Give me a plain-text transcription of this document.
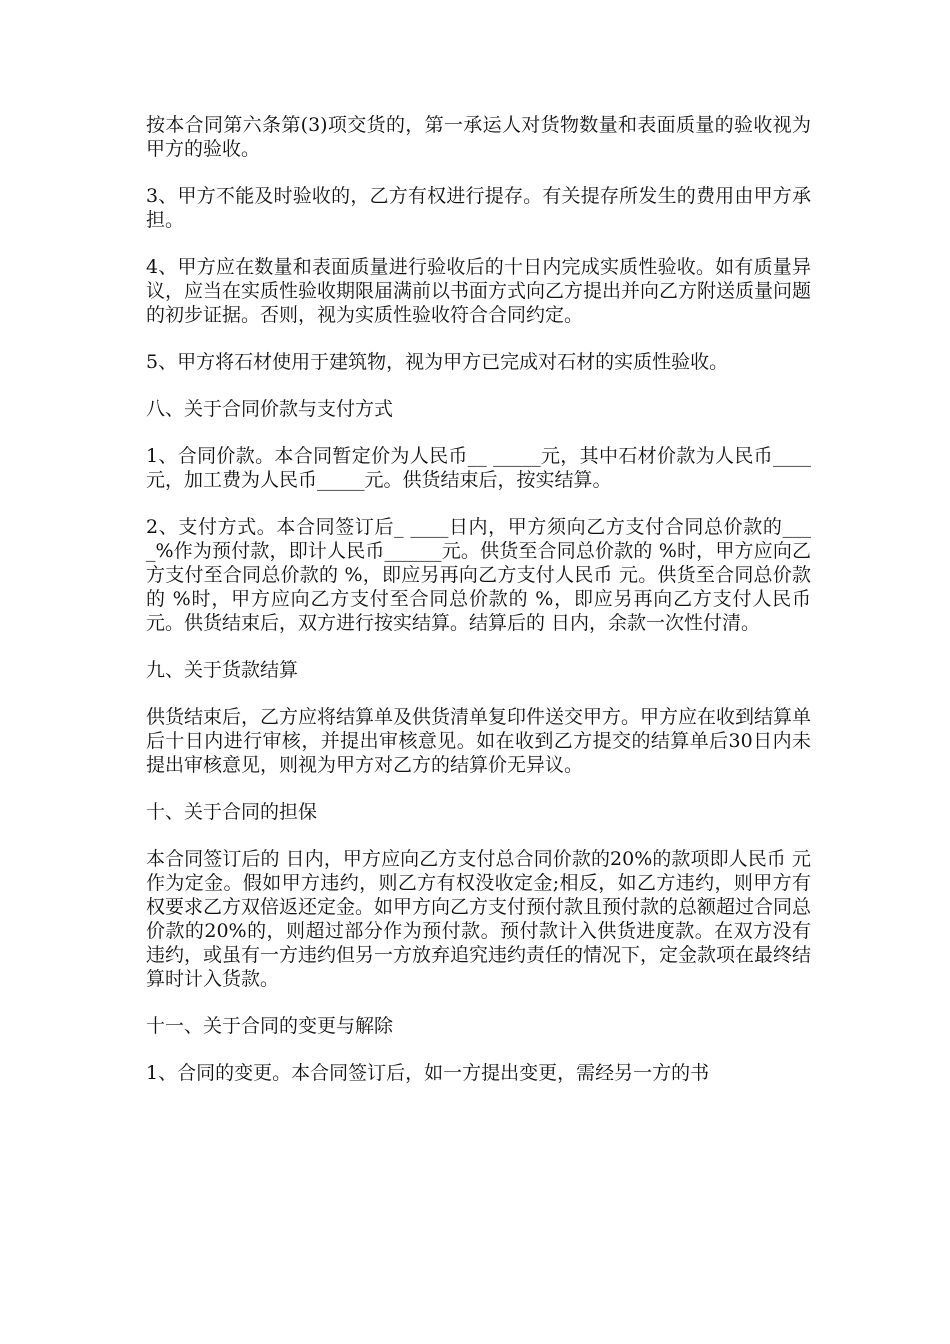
按本合同第六条第(3)项交货的，第一承运人对货物数量和表面质量的验收视为甲方的验收。

3、甲方不能及时验收的，乙方有权进行提存。有关提存所发生的费用由甲方承担。

4、甲方应在数量和表面质量进行验收后的十日内完成实质性验收。如有质量异议，应当在实质性验收期限届满前以书面方式向乙方提出并向乙方附送质量问题的初步证据。否则，视为实质性验收符合合同约定。

5、甲方将石材使用于建筑物，视为甲方已完成对石材的实质性验收。

八、关于合同价款与支付方式

1、合同价款。本合同暂定价为人民币__ _____元，其中石材价款为人民币____ 元，加工费为人民币_____元。供货结束后，按实结算。

2、支付方式。本合同签订后_ ____日内，甲方须向乙方支付合同总价款的____%作为预付款，即计人民币______元。供货至合同总价款的 %时，甲方应向乙方支付至合同总价款的 %，即应另再向乙方支付人民币 元。供货至合同总价款的 %时，甲方应向乙方支付至合同总价款的 %，即应另再向乙方支付人民币 元。供货结束后，双方进行按实结算。结算后的 日内，余款一次性付清。

九、关于货款结算

供货结束后，乙方应将结算单及供货清单复印件送交甲方。甲方应在收到结算单后十日内进行审核，并提出审核意见。如在收到乙方提交的结算单后30日内未提出审核意见，则视为甲方对乙方的结算价无异议。

十、关于合同的担保

本合同签订后的 日内，甲方应向乙方支付总合同价款的20%的款项即人民币 元作为定金。假如甲方违约，则乙方有权没收定金;相反，如乙方违约，则甲方有权要求乙方双倍返还定金。如甲方向乙方支付预付款且预付款的总额超过合同总价款的20%的，则超过部分作为预付款。预付款计入供货进度款。在双方没有违约，或虽有一方违约但另一方放弃追究违约责任的情况下，定金款项在最终结算时计入货款。

十一、关于合同的变更与解除

1、合同的变更。本合同签订后，如一方提出变更，需经另一方的书
